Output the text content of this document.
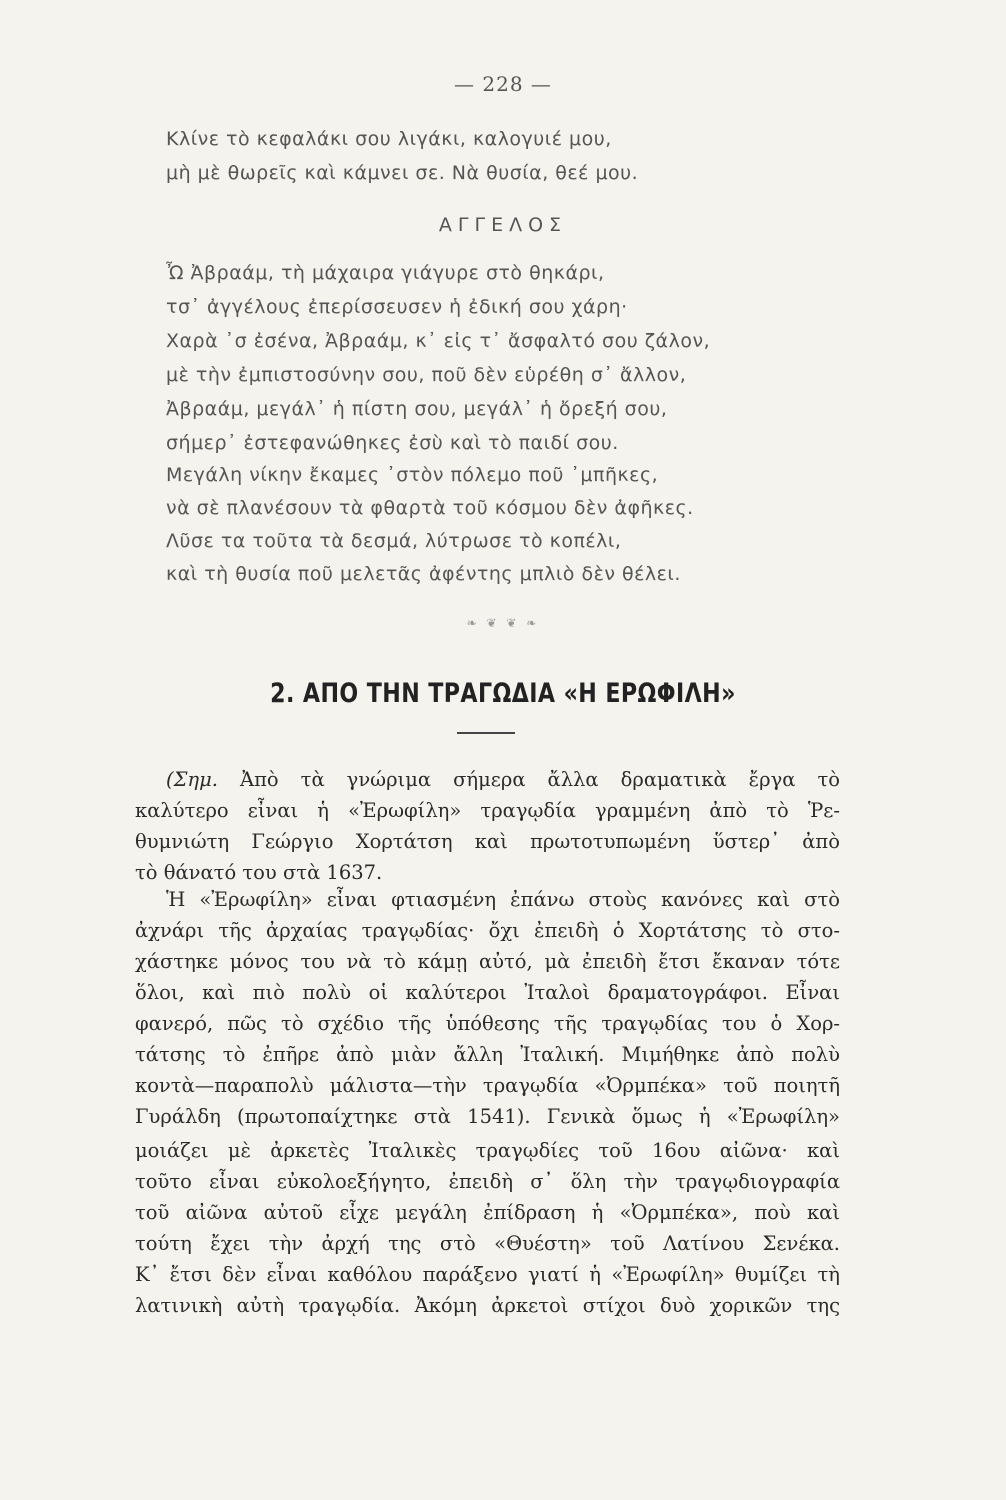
— 228 —
Κλίνε τὸ κεφαλάκι σου λιγάκι, καλογυιέ μου,
μὴ μὲ θωρεῖς καὶ κάμνει σε. Νὰ θυσία, θεέ μου.
ΑΓΓΕΛΟΣ
Ὦ Ἀβραάμ, τὴ μάχαιρα γιάγυρε στὸ θηκάρι,
τσ᾽ ἀγγέλους ἐπερίσσευσεν ἡ ἐδική σου χάρη·
Χαρὰ ᾽σ ἐσένα, Ἀβραάμ, κ᾽ εἰς τ᾽ ἄσφαλτό σου ζάλον,
μὲ τὴν ἐμπιστοσύνην σου, ποῦ δὲν εὑρέθη σ᾽ ἄλλον,
Ἀβραάμ, μεγάλ᾽ ἡ πίστη σου, μεγάλ᾽ ἡ ὄρεξή σου,
σήμερ᾽ ἐστεφανώθηκες ἐσὺ καὶ τὸ παιδί σου.
Μεγάλη νίκην ἔκαμες ᾽στὸν πόλεμο ποῦ ᾽μπῆκες,
νὰ σὲ πλανέσουν τὰ φθαρτὰ τοῦ κόσμου δὲν ἀφῆκες.
Λῦσε τα τοῦτα τὰ δεσμά, λύτρωσε τὸ κοπέλι,
καὶ τὴ θυσία ποῦ μελετᾶς ἀφέντης μπλιὸ δὲν θέλει.
❧ ❦ ❦ ❧
2. ΑΠΟ ΤΗΝ ΤΡΑΓΩΔΙΑ «Η ΕΡΩΦΙΛΗ»
(Σημ. Ἀπὸ τὰ γνώριμα σήμερα ἄλλα δραματικὰ ἔργα τὸ
καλύτερο εἶναι ἡ «Ἐρωφίλη» τραγῳδία γραμμένη ἀπὸ τὸ Ῥε-
θυμνιώτη Γεώργιο Χορτάτση καὶ πρωτοτυπωμένη ὕστερ᾽ ἀπὸ
τὸ θάνατό του στὰ 1637.
Ἡ «Ἐρωφίλη» εἶναι φτιασμένη ἐπάνω στοὺς κανόνες καὶ στὸ
ἀχνάρι τῆς ἀρχαίας τραγῳδίας· ὄχι ἐπειδὴ ὁ Χορτάτσης τὸ στο-
χάστηκε μόνος του νὰ τὸ κάμῃ αὐτό, μὰ ἐπειδὴ ἔτσι ἔκαναν τότε
ὅλοι, καὶ πιὸ πολὺ οἱ καλύτεροι Ἰταλοὶ δραματογράφοι. Εἶναι
φανερό, πῶς τὸ σχέδιο τῆς ὑπόθεσης τῆς τραγῳδίας του ὁ Χορ-
τάτσης τὸ ἐπῆρε ἀπὸ μιὰν ἄλλη Ἰταλική. Μιμήθηκε ἀπὸ πολὺ
κοντὰ—παραπολὺ μάλιστα—τὴν τραγῳδία «Ὀρμπέκα» τοῦ ποιητῆ
Γυράλδη (πρωτοπαίχτηκε στὰ 1541). Γενικὰ ὅμως ἡ «Ἐρωφίλη»
μοιάζει μὲ ἀρκετὲς Ἰταλικὲς τραγῳδίες τοῦ 16ου αἰῶνα· καὶ
τοῦτο εἶναι εὐκολοεξήγητο, ἐπειδὴ σ᾽ ὅλη τὴν τραγῳδιογραφία
τοῦ αἰῶνα αὐτοῦ εἶχε μεγάλη ἐπίδραση ἡ «Ὀρμπέκα», ποὺ καὶ
τούτη ἔχει τὴν ἀρχή της στὸ «Θυέστη» τοῦ Λατίνου Σενέκα.
Κ᾽ ἔτσι δὲν εἶναι καθόλου παράξενο γιατί ἡ «Ἐρωφίλη» θυμίζει τὴ
λατινικὴ αὐτὴ τραγῳδία. Ἀκόμη ἀρκετοὶ στίχοι δυὸ χορικῶν της
